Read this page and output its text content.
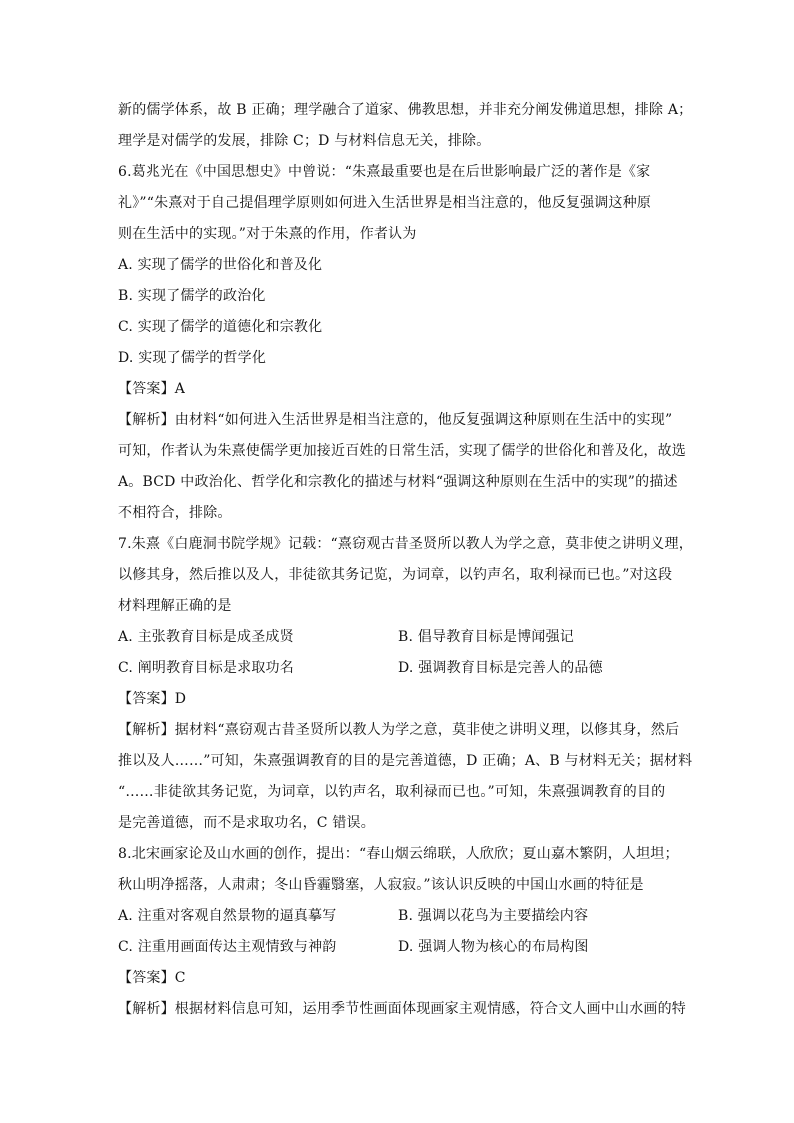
新的儒学体系，故 B 正确；理学融合了道家、佛教思想，并非充分阐发佛道思想，排除 A；
理学是对儒学的发展，排除 C；D 与材料信息无关，排除。
6.葛兆光在《中国思想史》中曾说：“朱熹最重要也是在后世影响最广泛的著作是《家
礼》”“朱熹对于自己提倡理学原则如何进入生活世界是相当注意的，他反复强调这种原
则在生活中的实现。”对于朱熹的作用，作者认为
A. 实现了儒学的世俗化和普及化
B. 实现了儒学的政治化
C. 实现了儒学的道德化和宗教化
D. 实现了儒学的哲学化
【答案】A
【解析】由材料“如何进入生活世界是相当注意的，他反复强调这种原则在生活中的实现”
可知，作者认为朱熹使儒学更加接近百姓的日常生活，实现了儒学的世俗化和普及化，故选
A。BCD 中政治化、哲学化和宗教化的描述与材料“强调这种原则在生活中的实现”的描述
不相符合，排除。
7.朱熹《白鹿洞书院学规》记载：“熹窃观古昔圣贤所以教人为学之意，莫非使之讲明义理，
以修其身，然后推以及人，非徒欲其务记览，为词章，以钓声名，取利禄而已也。”对这段
材料理解正确的是
A. 主张教育目标是成圣成贤	B. 倡导教育目标是博闻强记
C. 阐明教育目标是求取功名	D. 强调教育目标是完善人的品德
【答案】D
【解析】据材料“熹窃观古昔圣贤所以教人为学之意，莫非使之讲明义理，以修其身，然后
推以及人……”可知，朱熹强调教育的目的是完善道德，D 正确；A、B 与材料无关；据材料
“……非徒欲其务记览，为词章，以钓声名，取利禄而已也。”可知，朱熹强调教育的目的
是完善道德，而不是求取功名，C 错误。
8.北宋画家论及山水画的创作，提出：“春山烟云绵联，人欣欣；夏山嘉木繁阴，人坦坦；
秋山明净摇落，人肃肃；冬山昏霾翳塞，人寂寂。”该认识反映的中国山水画的特征是
A. 注重对客观自然景物的逼真摹写	B. 强调以花鸟为主要描绘内容
C. 注重用画面传达主观情致与神韵	D. 强调人物为核心的布局构图
【答案】C
【解析】根据材料信息可知，运用季节性画面体现画家主观情感，符合文人画中山水画的特
